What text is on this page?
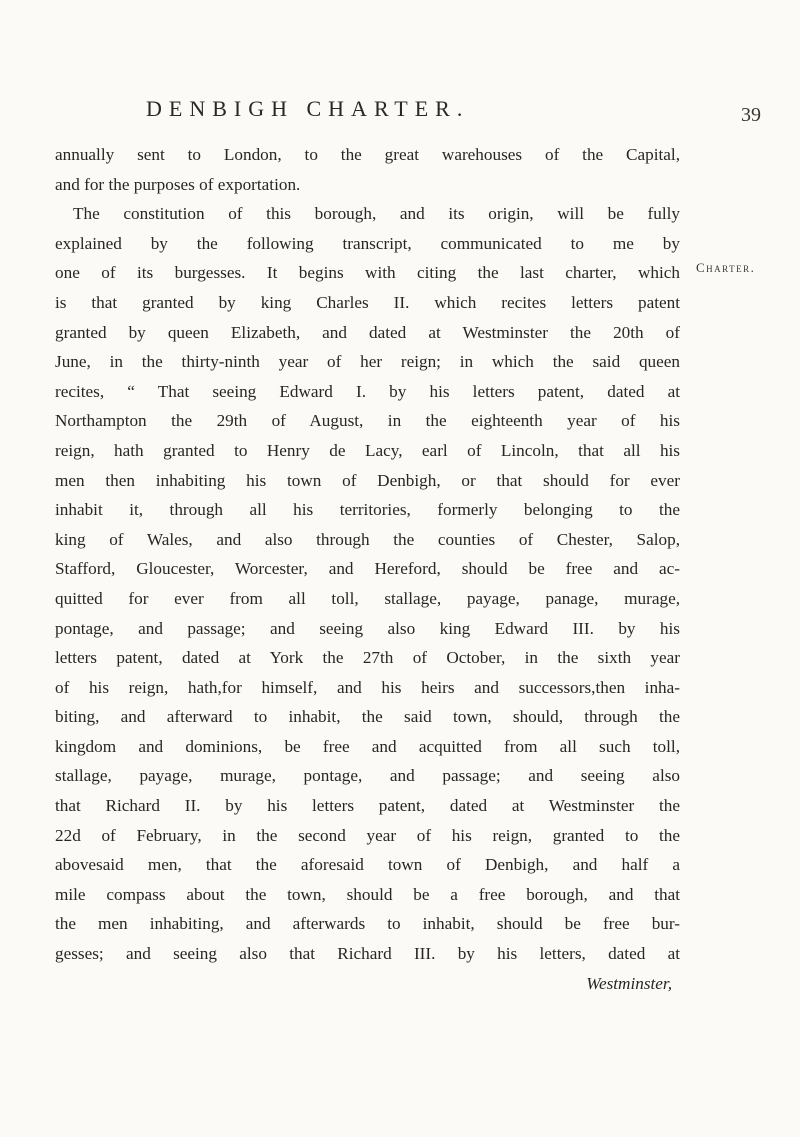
DENBIGH CHARTER.	39
Charter.
annually sent to London, to the great warehouses of the Capital,
and for the purposes of exportation.
The constitution of this borough, and its origin, will be fully
explained by the following transcript, communicated to me by
one of its burgesses. It begins with citing the last charter, which
is that granted by king Charles II. which recites letters patent
granted by queen Elizabeth, and dated at Westminster the 20th of
June, in the thirty-ninth year of her reign; in which the said queen
recites, “ That seeing Edward I. by his letters patent, dated at
Northampton the 29th of August, in the eighteenth year of his
reign, hath granted to Henry de Lacy, earl of Lincoln, that all his
men then inhabiting his town of Denbigh, or that should for ever
inhabit it, through all his territories, formerly belonging to the
king of Wales, and also through the counties of Chester, Salop,
Stafford, Gloucester, Worcester, and Hereford, should be free and ac-
quitted for ever from all toll, stallage, payage, panage, murage,
pontage, and passage; and seeing also king Edward III. by his
letters patent, dated at York the 27th of October, in the sixth year
of his reign, hath,for himself, and his heirs and successors,then inha-
biting, and afterward to inhabit, the said town, should, through the
kingdom and dominions, be free and acquitted from all such toll,
stallage, payage, murage, pontage, and passage; and seeing also
that Richard II. by his letters patent, dated at Westminster the
22d of February, in the second year of his reign, granted to the
abovesaid men, that the aforesaid town of Denbigh, and half a
mile compass about the town, should be a free borough, and that
the men inhabiting, and afterwards to inhabit, should be free bur-
gesses; and seeing also that Richard III. by his letters, dated at
Westminster,
